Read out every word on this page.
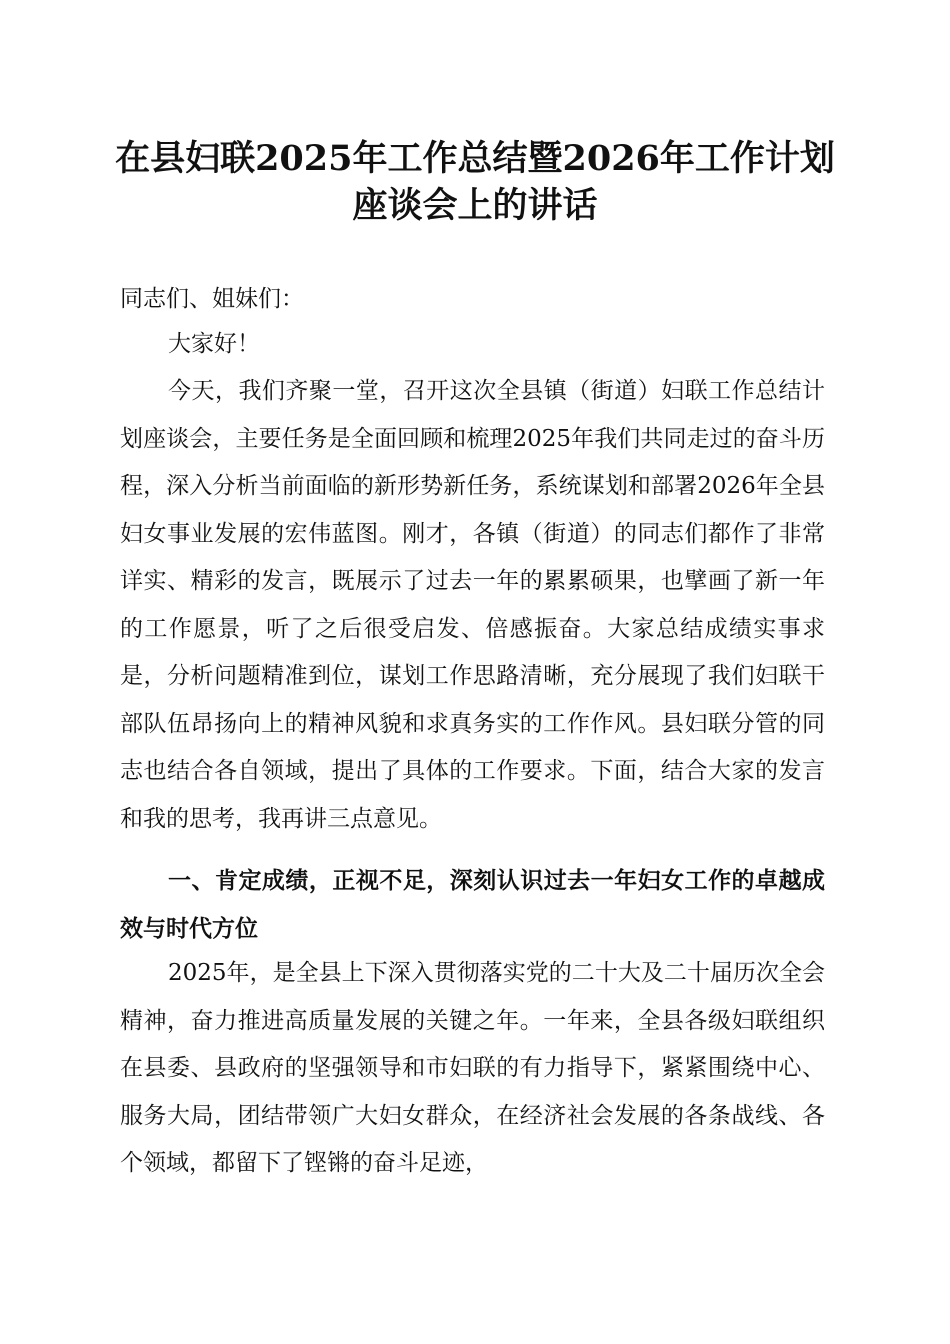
在县妇联2025年工作总结暨2026年工作计划
座谈会上的讲话

同志们、姐妹们：

大家好！

今天，我们齐聚一堂，召开这次全县镇（街道）妇联工作总结计划座谈会，主要任务是全面回顾和梳理2025年我们共同走过的奋斗历程，深入分析当前面临的新形势新任务，系统谋划和部署2026年全县妇女事业发展的宏伟蓝图。刚才，各镇（街道）的同志们都作了非常详实、精彩的发言，既展示了过去一年的累累硕果，也擘画了新一年的工作愿景，听了之后很受启发、倍感振奋。大家总结成绩实事求是，分析问题精准到位，谋划工作思路清晰，充分展现了我们妇联干部队伍昂扬向上的精神风貌和求真务实的工作作风。县妇联分管的同志也结合各自领域，提出了具体的工作要求。下面，结合大家的发言和我的思考，我再讲三点意见。

一、肯定成绩，正视不足，深刻认识过去一年妇女工作的卓越成效与时代方位

2025年，是全县上下深入贯彻落实党的二十大及二十届历次全会精神，奋力推进高质量发展的关键之年。一年来，全县各级妇联组织在县委、县政府的坚强领导和市妇联的有力指导下，紧紧围绕中心、服务大局，团结带领广大妇女群众，在经济社会发展的各条战线、各个领域，都留下了铿锵的奋斗足迹，
